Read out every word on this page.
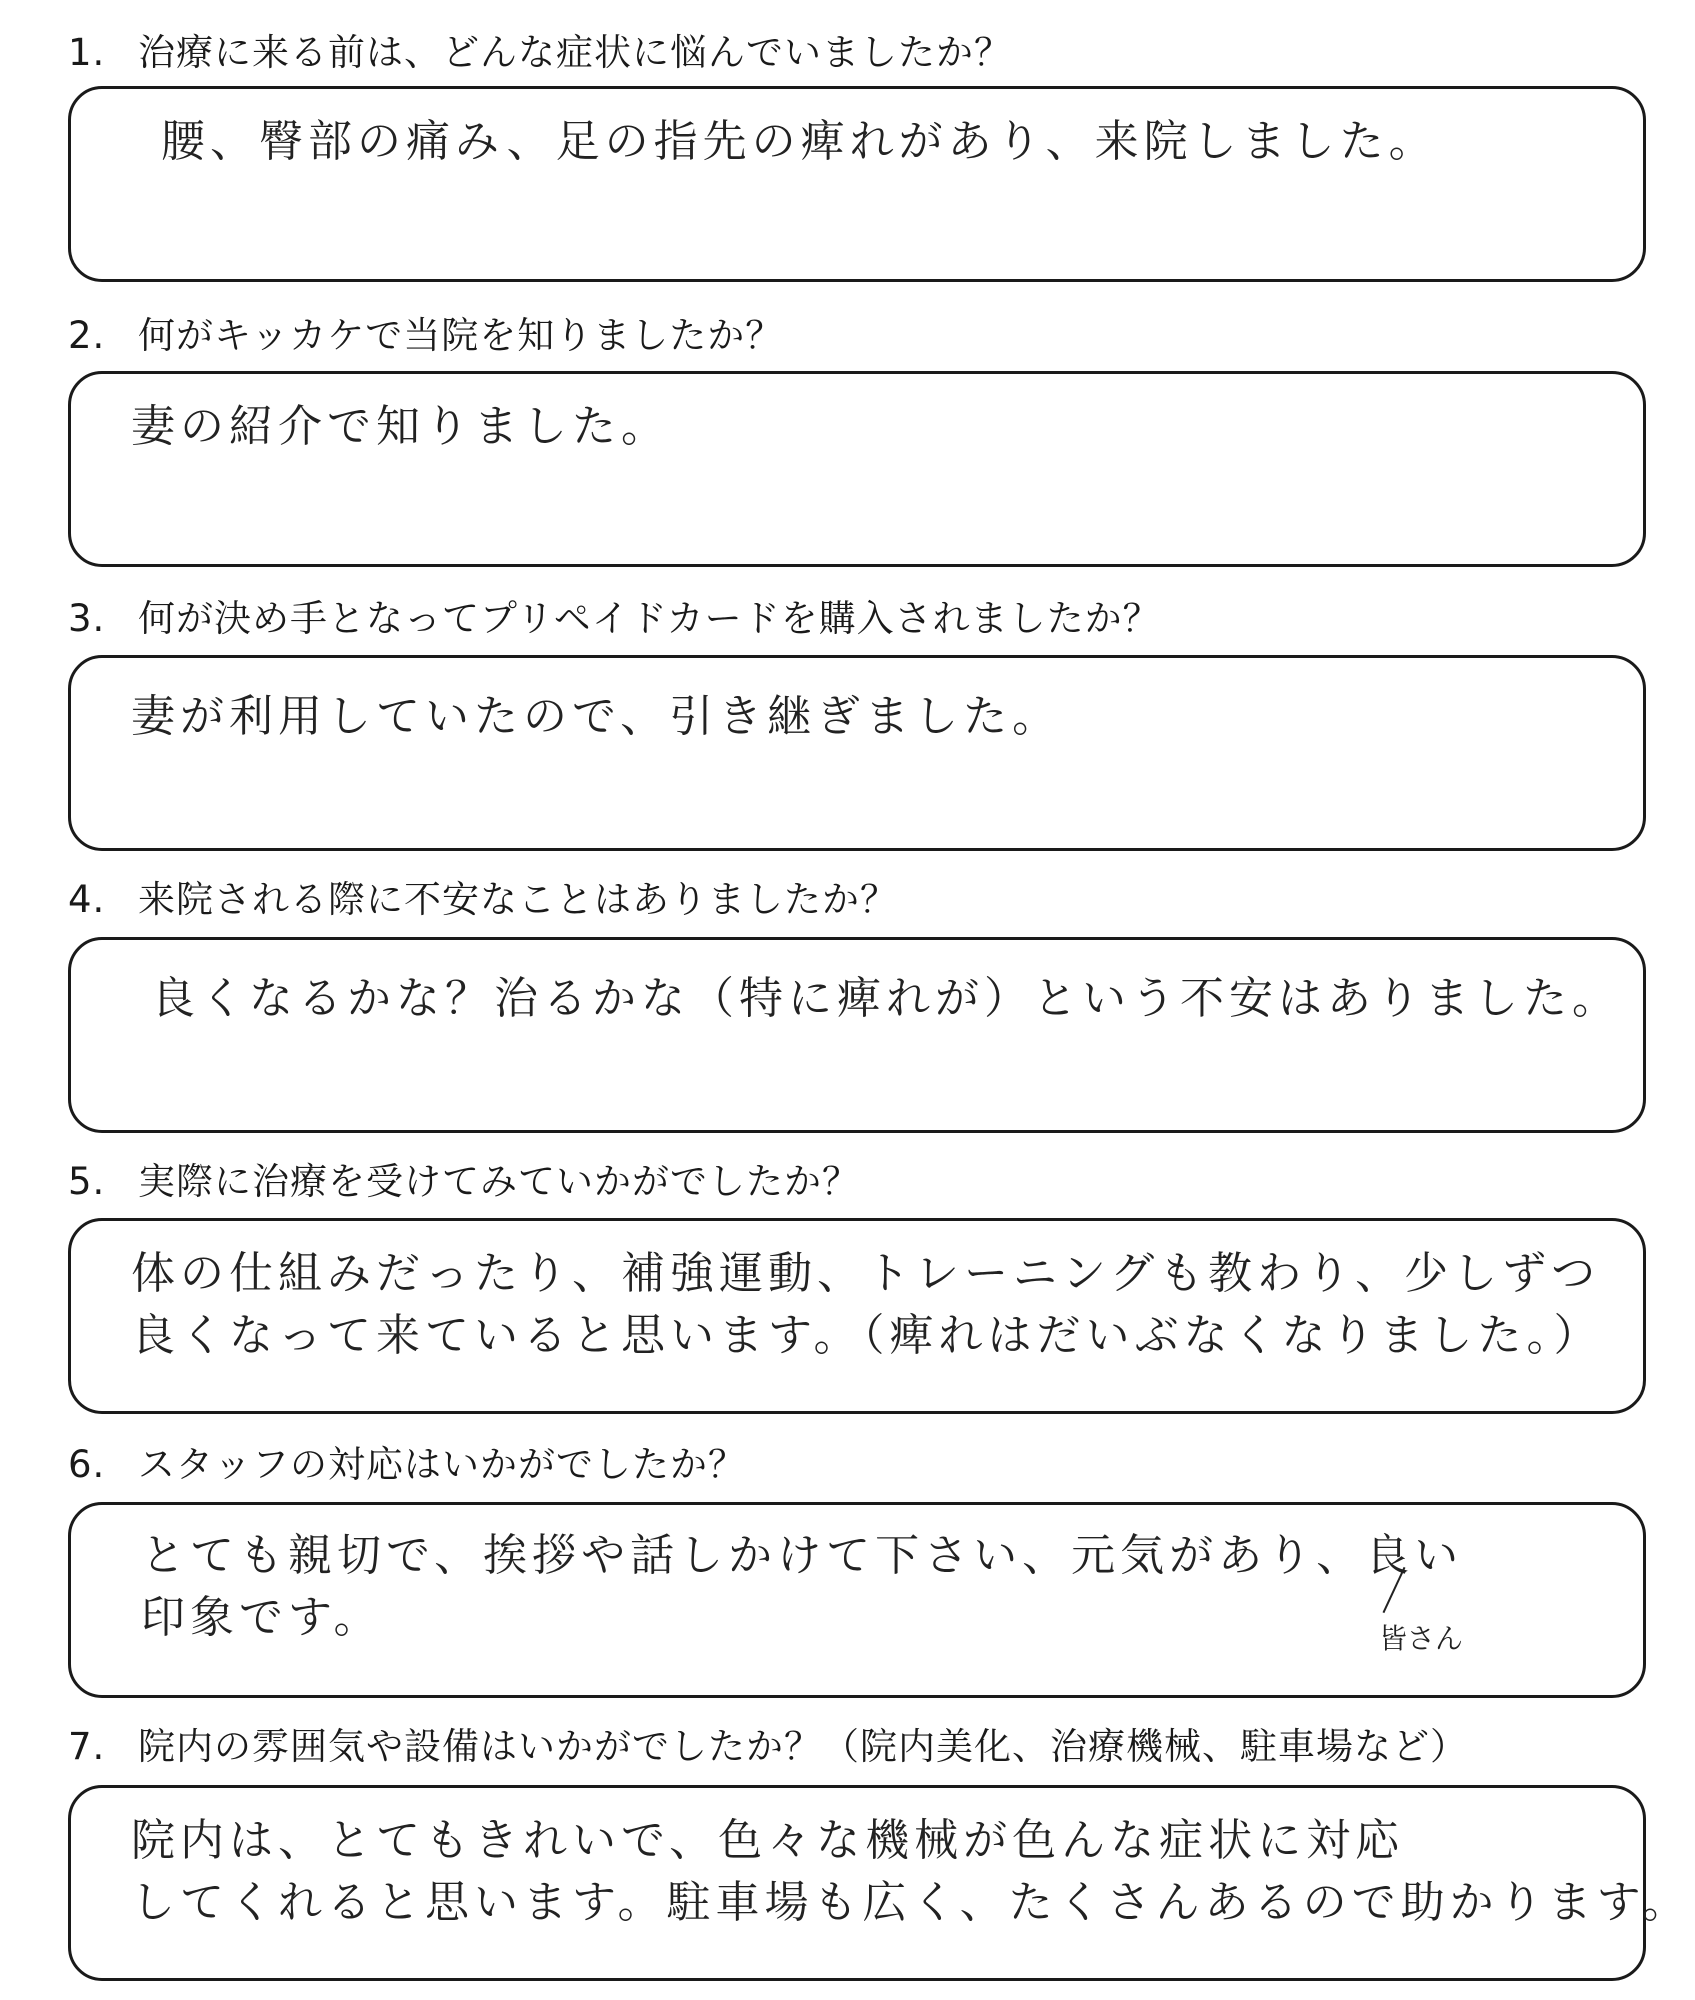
1. 治療に来る前は、どんな症状に悩んでいましたか？
腰、臀部の痛み、足の指先の痺れがあり、来院しました。
2. 何がキッカケで当院を知りましたか？
妻の紹介で知りました。
3. 何が決め手となってプリペイドカードを購入されましたか？
妻が利用していたので、引き継ぎました。
4. 来院される際に不安なことはありましたか？
良くなるかな？治るかな（特に痺れが）という不安はありました。
5. 実際に治療を受けてみていかがでしたか？
体の仕組みだったり、補強運動、トレーニングも教わり、少しずつ
良くなって来ていると思います。（痺れはだいぶなくなりました。）
6. スタッフの対応はいかがでしたか？
とても親切で、挨拶や話しかけて下さい、元気があり、良い
印象です。	皆さん
7. 院内の雰囲気や設備はいかがでしたか？（院内美化、治療機械、駐車場など）
院内は、とてもきれいで、色々な機械が色んな症状に対応
してくれると思います。駐車場も広く、たくさんあるので助かります。
